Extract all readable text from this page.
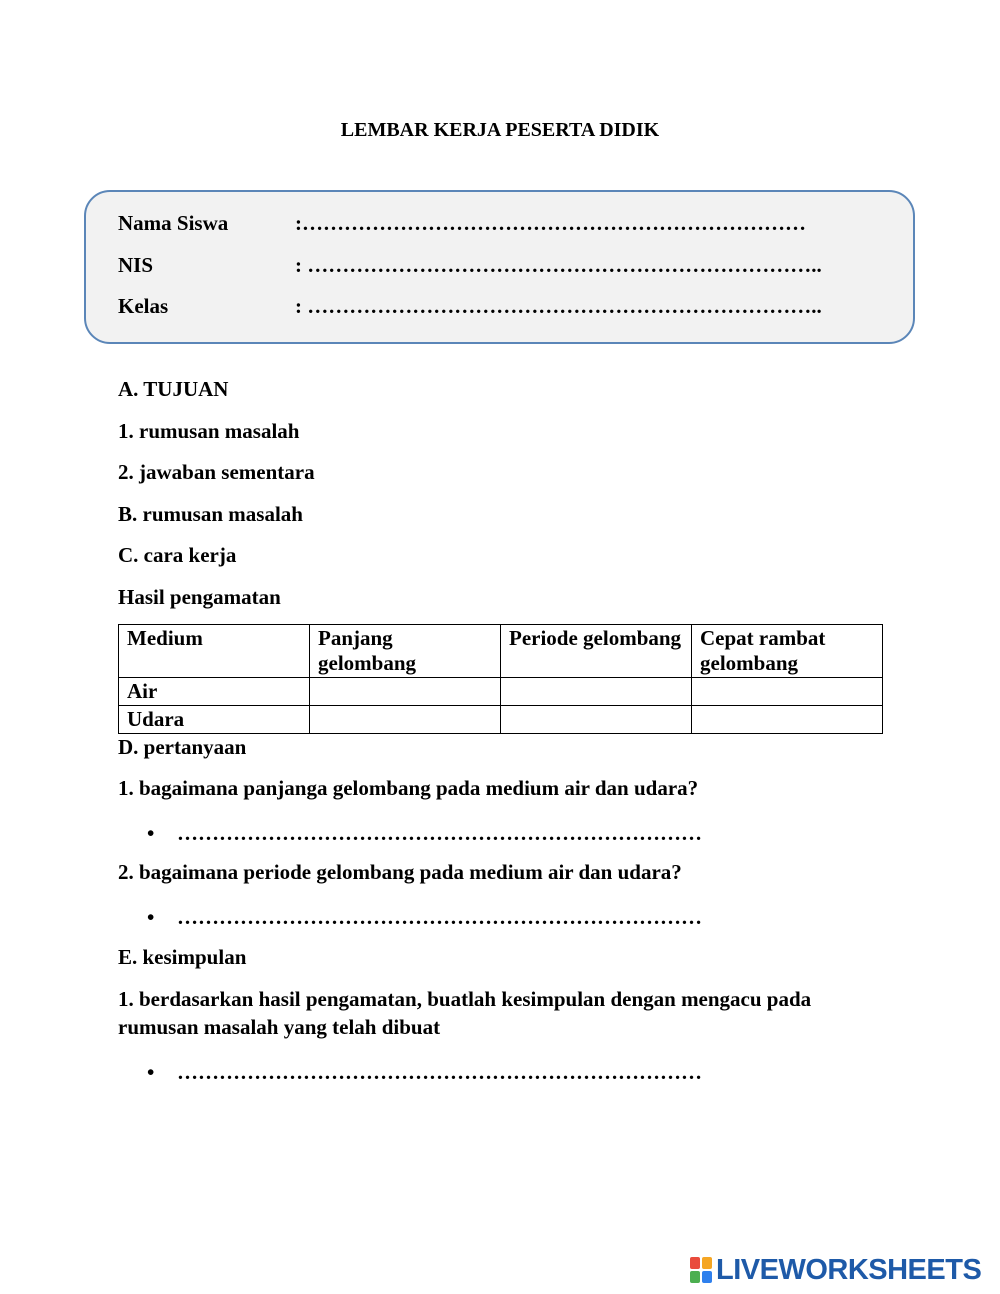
LEMBAR KERJA PESERTA DIDIK
Nama Siswa	:………………………………………………………………
NIS	: ………………………………………………………………..
Kelas	: ………………………………………………………………..
A. TUJUAN
1. rumusan masalah
2. jawaban sementara
B. rumusan masalah
C. cara kerja
Hasil pengamatan
Medium	Panjang gelombang	Periode gelombang	Cepat rambat gelombang
Air			
Udara			
D. pertanyaan
1. bagaimana panjanga gelombang pada medium air dan udara?
• …………………………………………………………………
2. bagaimana periode gelombang pada medium air dan udara?
• …………………………………………………………………
E. kesimpulan
1. berdasarkan hasil pengamatan, buatlah kesimpulan dengan mengacu pada
rumusan masalah yang telah dibuat
• …………………………………………………………………
LIVEWORKSHEETS
